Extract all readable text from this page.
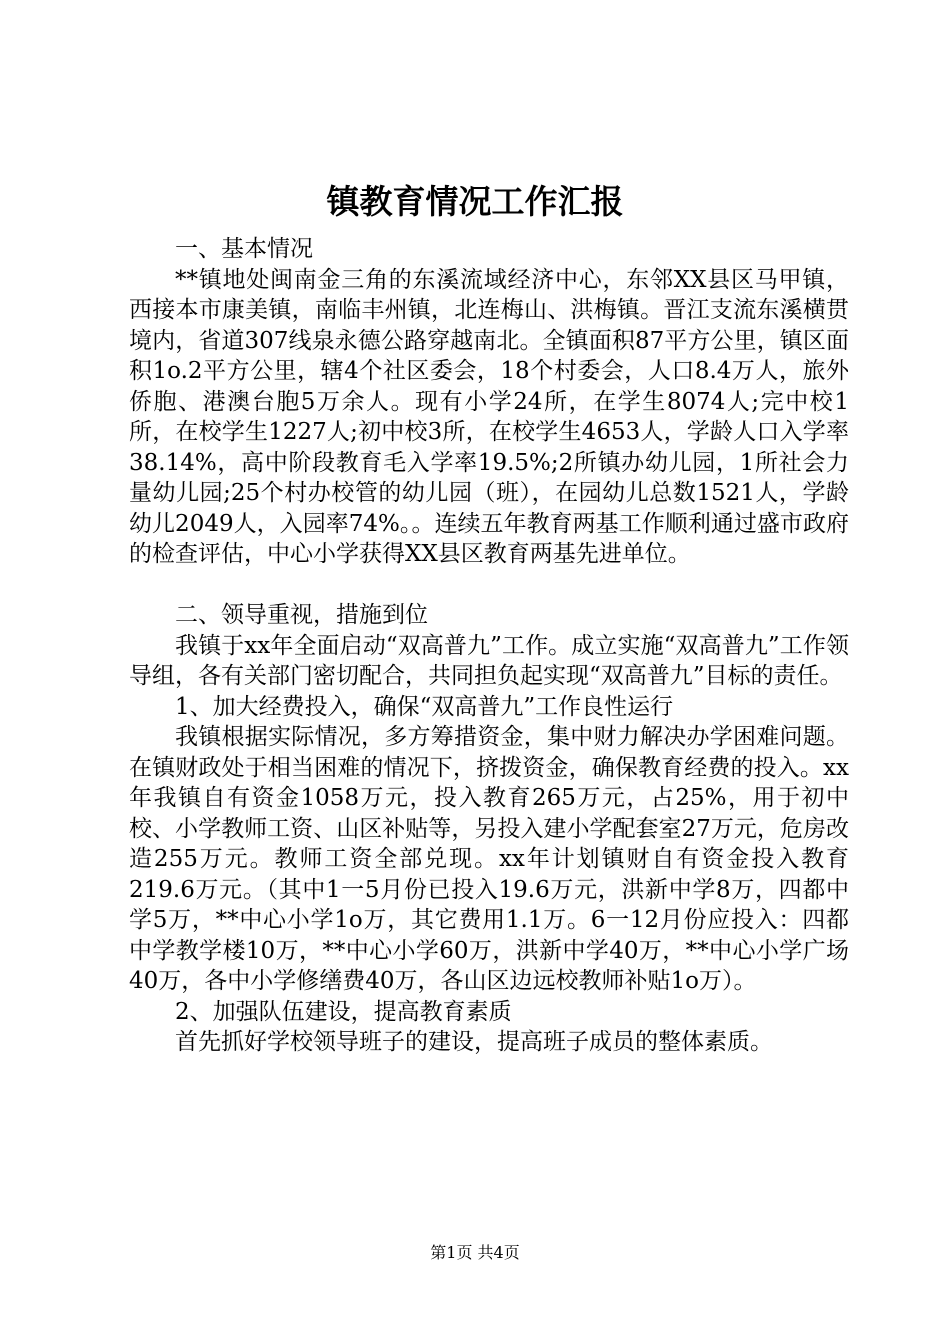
镇教育情况工作汇报

一、基本情况

**镇地处闽南金三角的东溪流域经济中心，东邻XX县区马甲镇，西接本市康美镇，南临丰州镇，北连梅山、洪梅镇。晋江支流东溪横贯境内，省道307线泉永德公路穿越南北。全镇面积87平方公里，镇区面积1o.2平方公里，辖4个社区委会，18个村委会，人口8.4万人，旅外侨胞、港澳台胞5万余人。现有小学24所，在学生8074人;完中校1所，在校学生1227人;初中校3所，在校学生4653人，学龄人口入学率38.14%，高中阶段教育毛入学率19.5%;2所镇办幼儿园，1所社会力量幼儿园;25个村办校管的幼儿园（班），在园幼儿总数1521人，学龄幼儿2049人，入园率74%。。连续五年教育两基工作顺利通过盛市政府的检查评估，中心小学获得XX县区教育两基先进单位。

二、领导重视，措施到位

我镇于xx年全面启动“双高普九”工作。成立实施“双高普九”工作领导组，各有关部门密切配合，共同担负起实现“双高普九”目标的责任。

1、加大经费投入，确保“双高普九”工作良性运行

我镇根据实际情况，多方筹措资金，集中财力解决办学困难问题。在镇财政处于相当困难的情况下，挤拨资金，确保教育经费的投入。xx年我镇自有资金1058万元，投入教育265万元，占25%，用于初中校、小学教师工资、山区补贴等，另投入建小学配套室27万元，危房改造255万元。教师工资全部兑现。xx年计划镇财自有资金投入教育219.6万元。（其中1一5月份已投入19.6万元，洪新中学8万，四都中学5万，**中心小学1o万，其它费用1.1万。6一12月份应投入：四都中学教学楼10万，**中心小学60万，洪新中学40万，**中心小学广场40万，各中小学修缮费40万，各山区边远校教师补贴1o万）。

2、加强队伍建设，提高教育素质

首先抓好学校领导班子的建设，提高班子成员的整体素质。

第1页 共4页
